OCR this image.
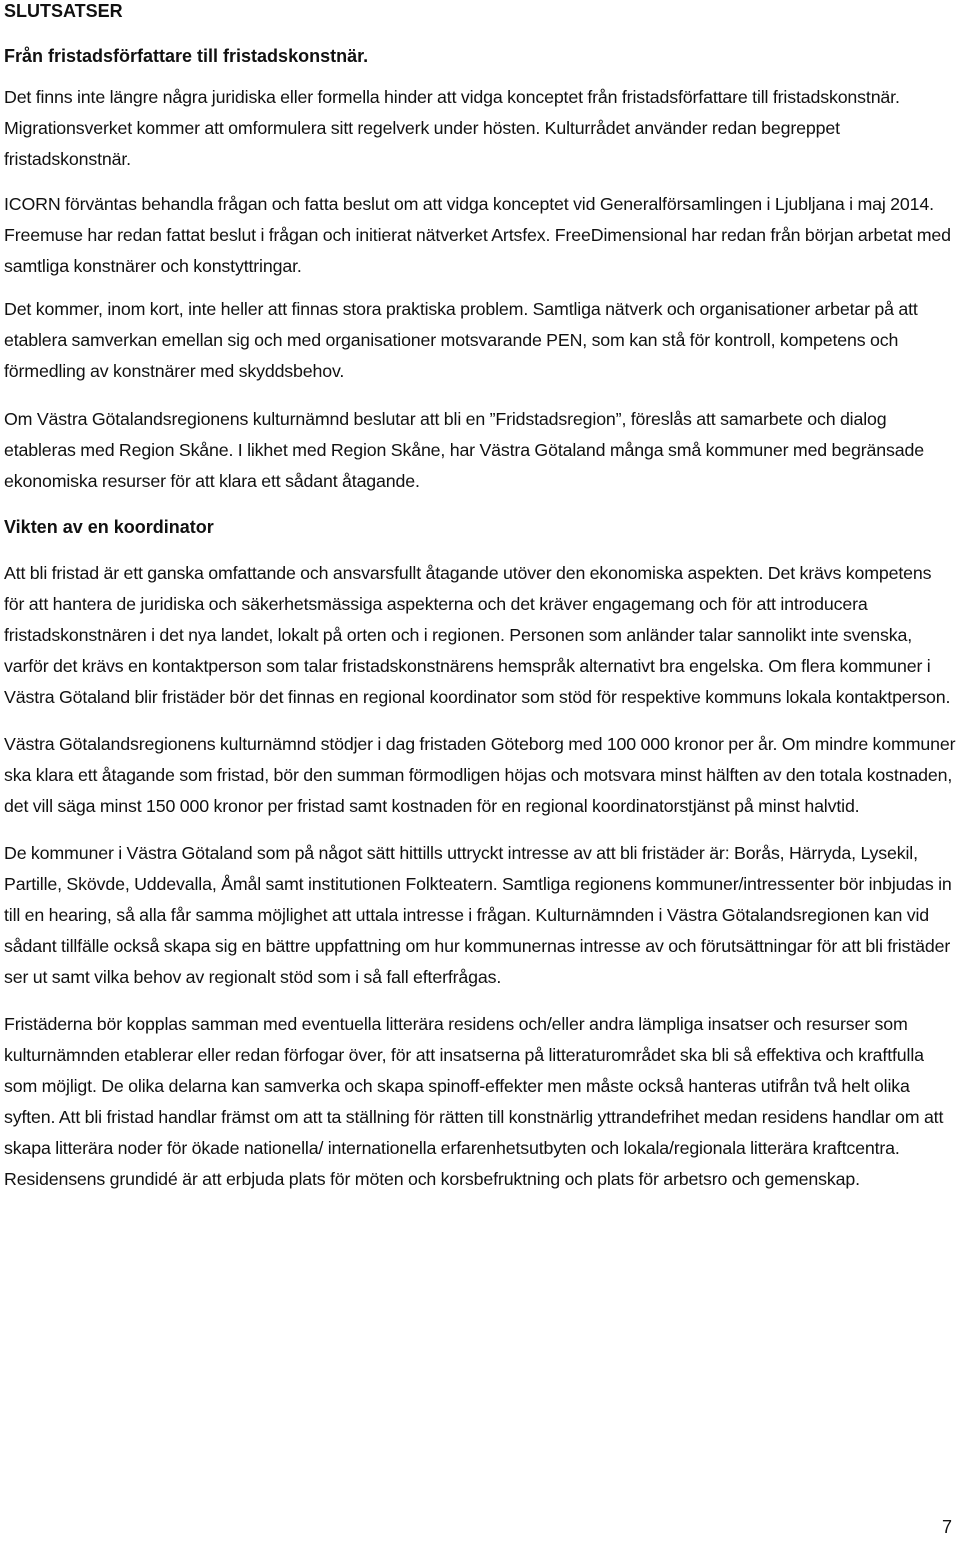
SLUTSATSER
Från fristadsförfattare till fristadskonstnär.

Det finns inte längre några juridiska eller formella hinder att vidga konceptet från fristadsförfattare till fristadskonstnär. Migrationsverket kommer att omformulera sitt regelverk under hösten. Kulturrådet använder redan begreppet fristadskonstnär.

ICORN förväntas behandla frågan och fatta beslut om att vidga konceptet vid Generalförsamlingen i Ljubljana i maj 2014. Freemuse har redan fattat beslut i frågan och initierat nätverket Artsfex. FreeDimensional har redan från början arbetat med samtliga konstnärer och konstyttringar.

Det kommer, inom kort, inte heller att finnas stora praktiska problem. Samtliga nätverk och organisationer arbetar på att etablera samverkan emellan sig och med organisationer motsvarande PEN, som kan stå för kontroll, kompetens och förmedling av konstnärer med skyddsbehov.

Om Västra Götalandsregionens kulturnämnd beslutar att bli en ”Fridstadsregion”, föreslås att samarbete och dialog etableras med Region Skåne. I likhet med Region Skåne, har Västra Götaland många små kommuner med begränsade ekonomiska resurser för att klara ett sådant åtagande.

Vikten av en koordinator

Att bli fristad är ett ganska omfattande och ansvarsfullt åtagande utöver den ekonomiska aspekten. Det krävs kompetens för att hantera de juridiska och säkerhetsmässiga aspekterna och det kräver engagemang och för att introducera fristadskonstnären i det nya landet, lokalt på orten och i regionen. Personen som anländer talar sannolikt inte svenska, varför det krävs en kontaktperson som talar fristadskonstnärens hemspråk alternativt bra engelska. Om flera kommuner i Västra Götaland blir fristäder bör det finnas en regional koordinator som stöd för respektive kommuns lokala kontaktperson.

Västra Götalandsregionens kulturnämnd stödjer i dag fristaden Göteborg med 100 000 kronor per år. Om mindre kommuner ska klara ett åtagande som fristad, bör den summan förmodligen höjas och motsvara minst hälften av den totala kostnaden, det vill säga minst 150 000 kronor per fristad samt kostnaden för en regional koordinatorstjänst på minst halvtid.

De kommuner i Västra Götaland som på något sätt hittills uttryckt intresse av att bli fristäder är: Borås, Härryda, Lysekil, Partille, Skövde, Uddevalla, Åmål samt institutionen Folkteatern. Samtliga regionens kommuner/intressenter bör inbjudas in till en hearing, så alla får samma möjlighet att uttala intresse i frågan. Kulturnämnden i Västra Götalandsregionen kan vid sådant tillfälle också skapa sig en bättre uppfattning om hur kommunernas intresse av och förutsättningar för att bli fristäder ser ut samt vilka behov av regionalt stöd som i så fall efterfrågas.

Fristäderna bör kopplas samman med eventuella litterära residens och/eller andra lämpliga insatser och resurser som kulturnämnden etablerar eller redan förfogar över, för att insatserna på litteraturområdet ska bli så effektiva och kraftfulla som möjligt. De olika delarna kan samverka och skapa spinoff-effekter men måste också hanteras utifrån två helt olika syften. Att bli fristad handlar främst om att ta ställning för rätten till konstnärlig yttrandefrihet medan residens handlar om att skapa litterära noder för ökade nationella/ internationella erfarenhetsutbyten och lokala/regionala litterära kraftcentra. Residensens grundidé är att erbjuda plats för möten och korsbefruktning och plats för arbetsro och gemenskap.

7
